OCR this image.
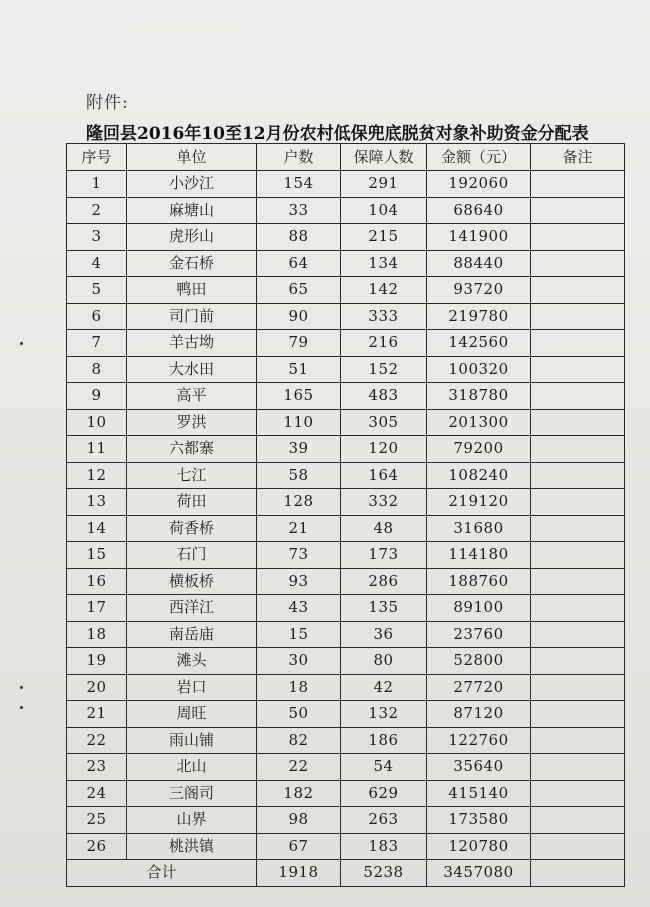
附件:
隆回县2016年10至12月份农村低保兜底脱贫对象补助资金分配表
序号	单位	户数	保障人数	金额（元）	备注
1	小沙江	154	291	192060	
2	麻塘山	33	104	68640	
3	虎形山	88	215	141900	
4	金石桥	64	134	88440	
5	鸭田	65	142	93720	
6	司门前	90	333	219780	
7	羊古坳	79	216	142560	
8	大水田	51	152	100320	
9	高平	165	483	318780	
10	罗洪	110	305	201300	
11	六都寨	39	120	79200	
12	七江	58	164	108240	
13	荷田	128	332	219120	
14	荷香桥	21	48	31680	
15	石门	73	173	114180	
16	横板桥	93	286	188760	
17	西洋江	43	135	89100	
18	南岳庙	15	36	23760	
19	滩头	30	80	52800	
20	岩口	18	42	27720	
21	周旺	50	132	87120	
22	雨山铺	82	186	122760	
23	北山	22	54	35640	
24	三阁司	182	629	415140	
25	山界	98	263	173580	
26	桃洪镇	67	183	120780	
合计		1918	5238	3457080	
